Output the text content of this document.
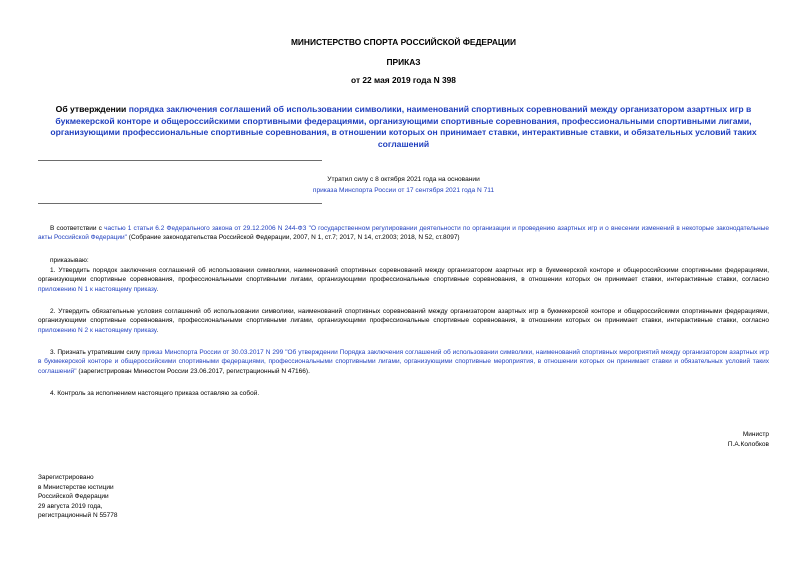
МИНИСТЕРСТВО СПОРТА РОССИЙСКОЙ ФЕДЕРАЦИИ
ПРИКАЗ
от 22 мая 2019 года N 398
Об утверждении порядка заключения соглашений об использовании символики, наименований спортивных соревнований между организатором азартных игр в букмекерской конторе и общероссийскими спортивными федерациями, организующими спортивные соревнования, профессиональными спортивными лигами, организующими профессиональные спортивные соревнования, в отношении которых он принимает ставки, интерактивные ставки, и обязательных условий таких соглашений
Утратил силу с 8 октября 2021 года на основании
приказа Минспорта России от 17 сентября 2021 года N 711
В соответствии с частью 1 статьи 6.2 Федерального закона от 29.12.2006 N 244-ФЗ "О государственном регулировании деятельности по организации и проведению азартных игр и о внесении изменений в некоторые законодательные акты Российской Федерации" (Собрание законодательства Российской Федерации, 2007, N 1, ст.7; 2017, N 14, ст.2003; 2018, N 52, ст.8097)
приказываю:
1. Утвердить порядок заключения соглашений об использовании символики, наименований спортивных соревнований между организатором азартных игр в букмекерской конторе и общероссийскими спортивными федерациями, организующими спортивные соревнования, профессиональными спортивными лигами, организующими профессиональные спортивные соревнования, в отношении которых он принимает ставки, интерактивные ставки, согласно приложению N 1 к настоящему приказу.
2. Утвердить обязательные условия соглашений об использовании символики, наименований спортивных соревнований между организатором азартных игр в букмекерской конторе и общероссийскими спортивными федерациями, организующими спортивные соревнования, профессиональными спортивными лигами, организующими профессиональные спортивные соревнования, в отношении которых он принимает ставки, интерактивные ставки, согласно приложению N 2 к настоящему приказу.
3. Признать утратившим силу приказ Минспорта России от 30.03.2017 N 299 "Об утверждении Порядка заключения соглашений об использовании символики, наименований спортивных мероприятий между организатором азартных игр в букмекерской конторе и общероссийскими спортивными федерациями, профессиональными спортивными лигами, организующими спортивные мероприятия, в отношении которых он принимает ставки и обязательных условий таких соглашений" (зарегистрирован Минюстом России 23.06.2017, регистрационный N 47166).
4. Контроль за исполнением настоящего приказа оставляю за собой.
Министр
П.А.Колобков
Зарегистрировано
в Министерстве юстиции
Российской Федерации
29 августа 2019 года,
регистрационный N 55778
